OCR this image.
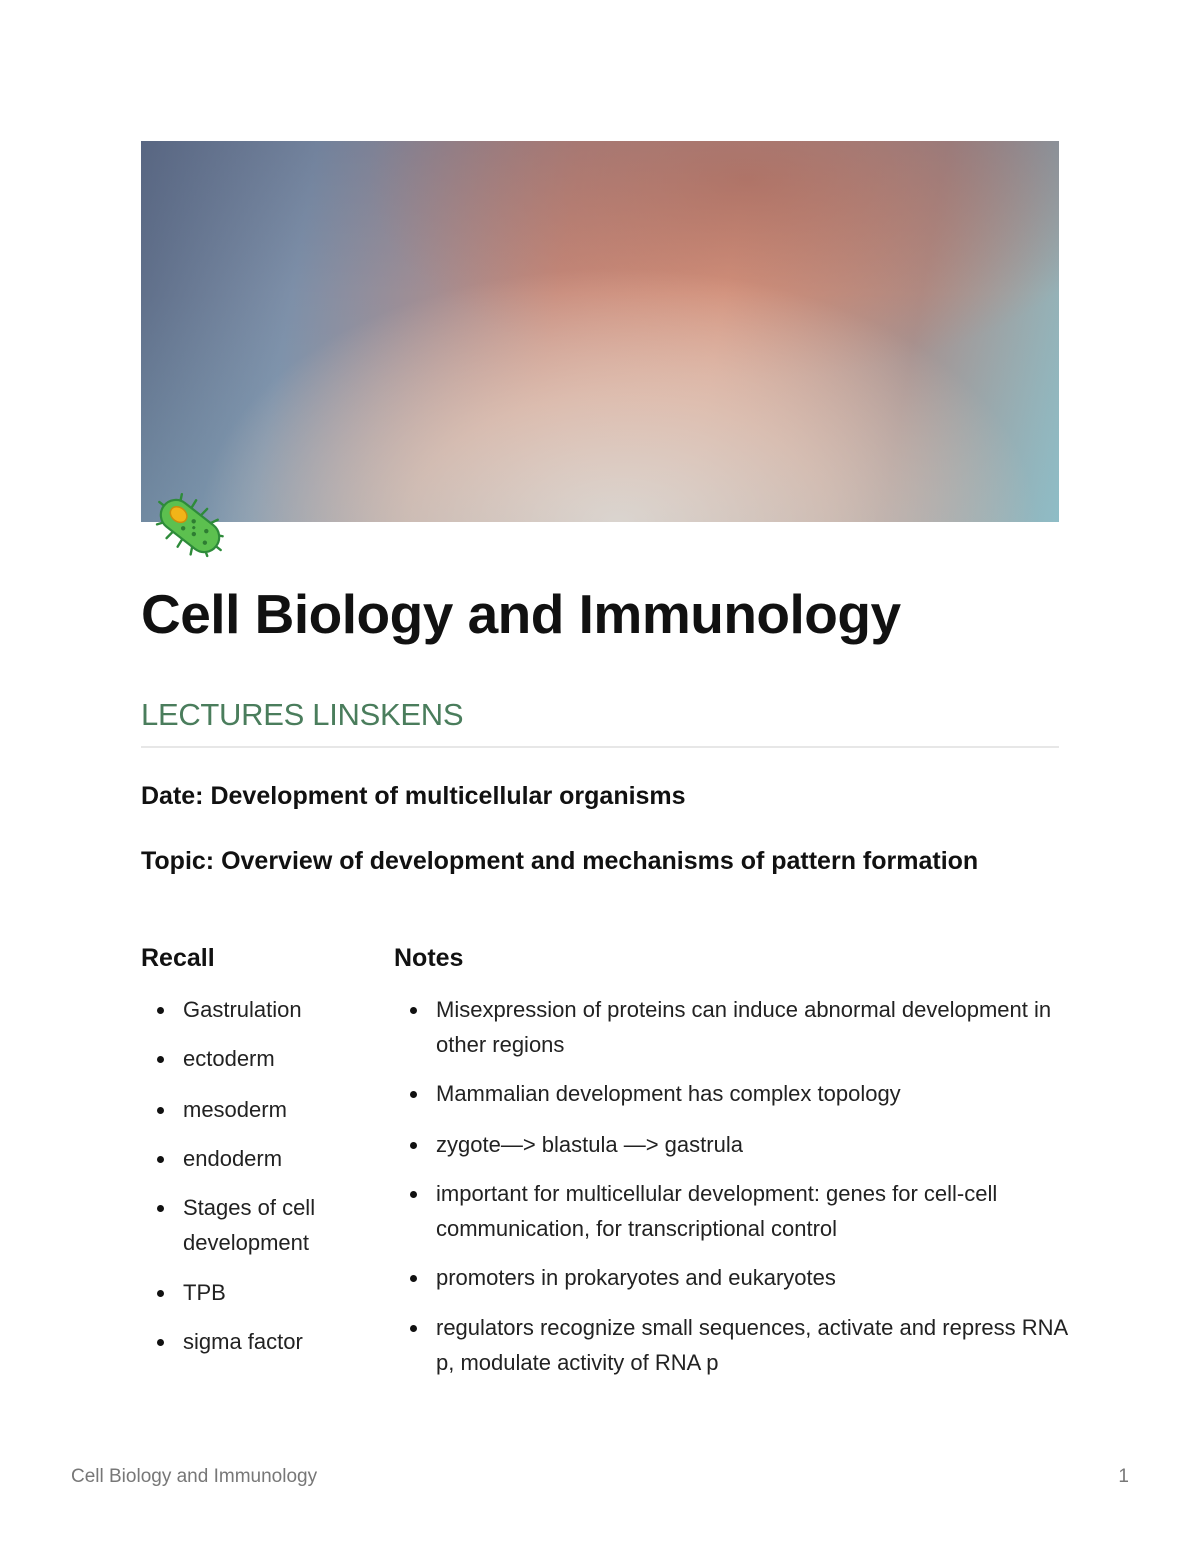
Cell Biology and Immunology
LECTURES LINSKENS

Date: Development of multicellular organisms

Topic: Overview of development and mechanisms of pattern formation

Recall	Notes
Gastrulation
ectoderm
mesoderm
endoderm
Stages of cell development
TPB
sigma factor
Misexpression of proteins can induce abnormal development in other regions
Mammalian development has complex topology
zygote—> blastula —> gastrula
important for multicellular development: genes for cell-cell communication, for transcriptional control
promoters in prokaryotes and eukaryotes
regulators recognize small sequences, activate and repress RNA p, modulate activity of RNA p
Cell Biology and Immunology	1
